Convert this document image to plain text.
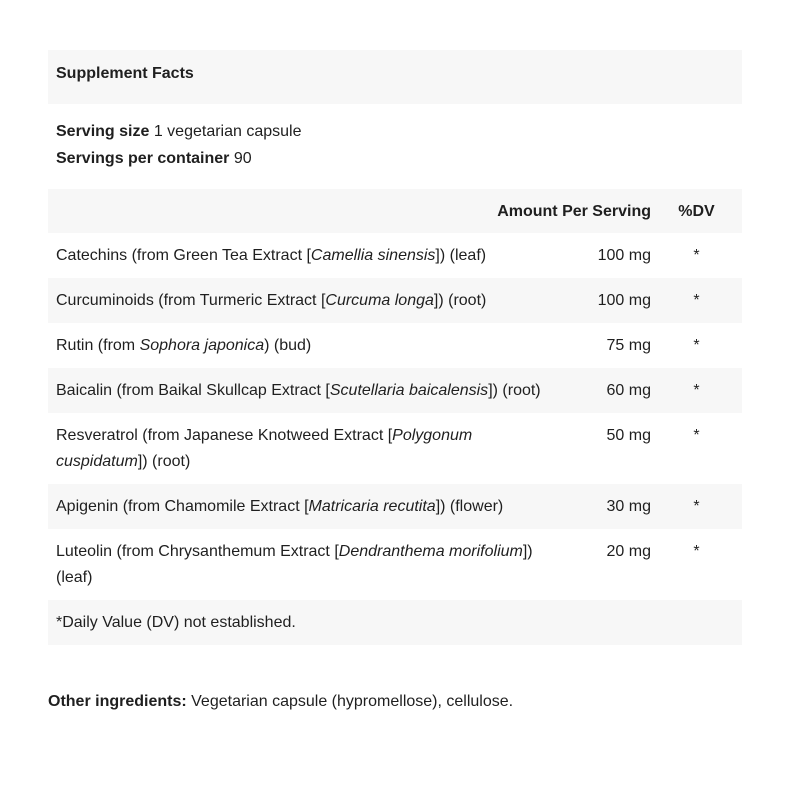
Supplement Facts
Serving size 1 vegetarian capsule
Servings per container 90
Amount Per Serving		%DV
Catechins (from Green Tea Extract [Camellia sinensis]) (leaf)	100 mg	*
Curcuminoids (from Turmeric Extract [Curcuma longa]) (root)	100 mg	*
Rutin (from Sophora japonica) (bud)	75 mg	*
Baicalin (from Baikal Skullcap Extract [Scutellaria baicalensis]) (root)	60 mg	*
Resveratrol (from Japanese Knotweed Extract [Polygonum cuspidatum]) (root)	50 mg	*
Apigenin (from Chamomile Extract [Matricaria recutita]) (flower)	30 mg	*
Luteolin (from Chrysanthemum Extract [Dendranthema morifolium]) (leaf)	20 mg	*
*Daily Value (DV) not established.		
Other ingredients: Vegetarian capsule (hypromellose), cellulose.
